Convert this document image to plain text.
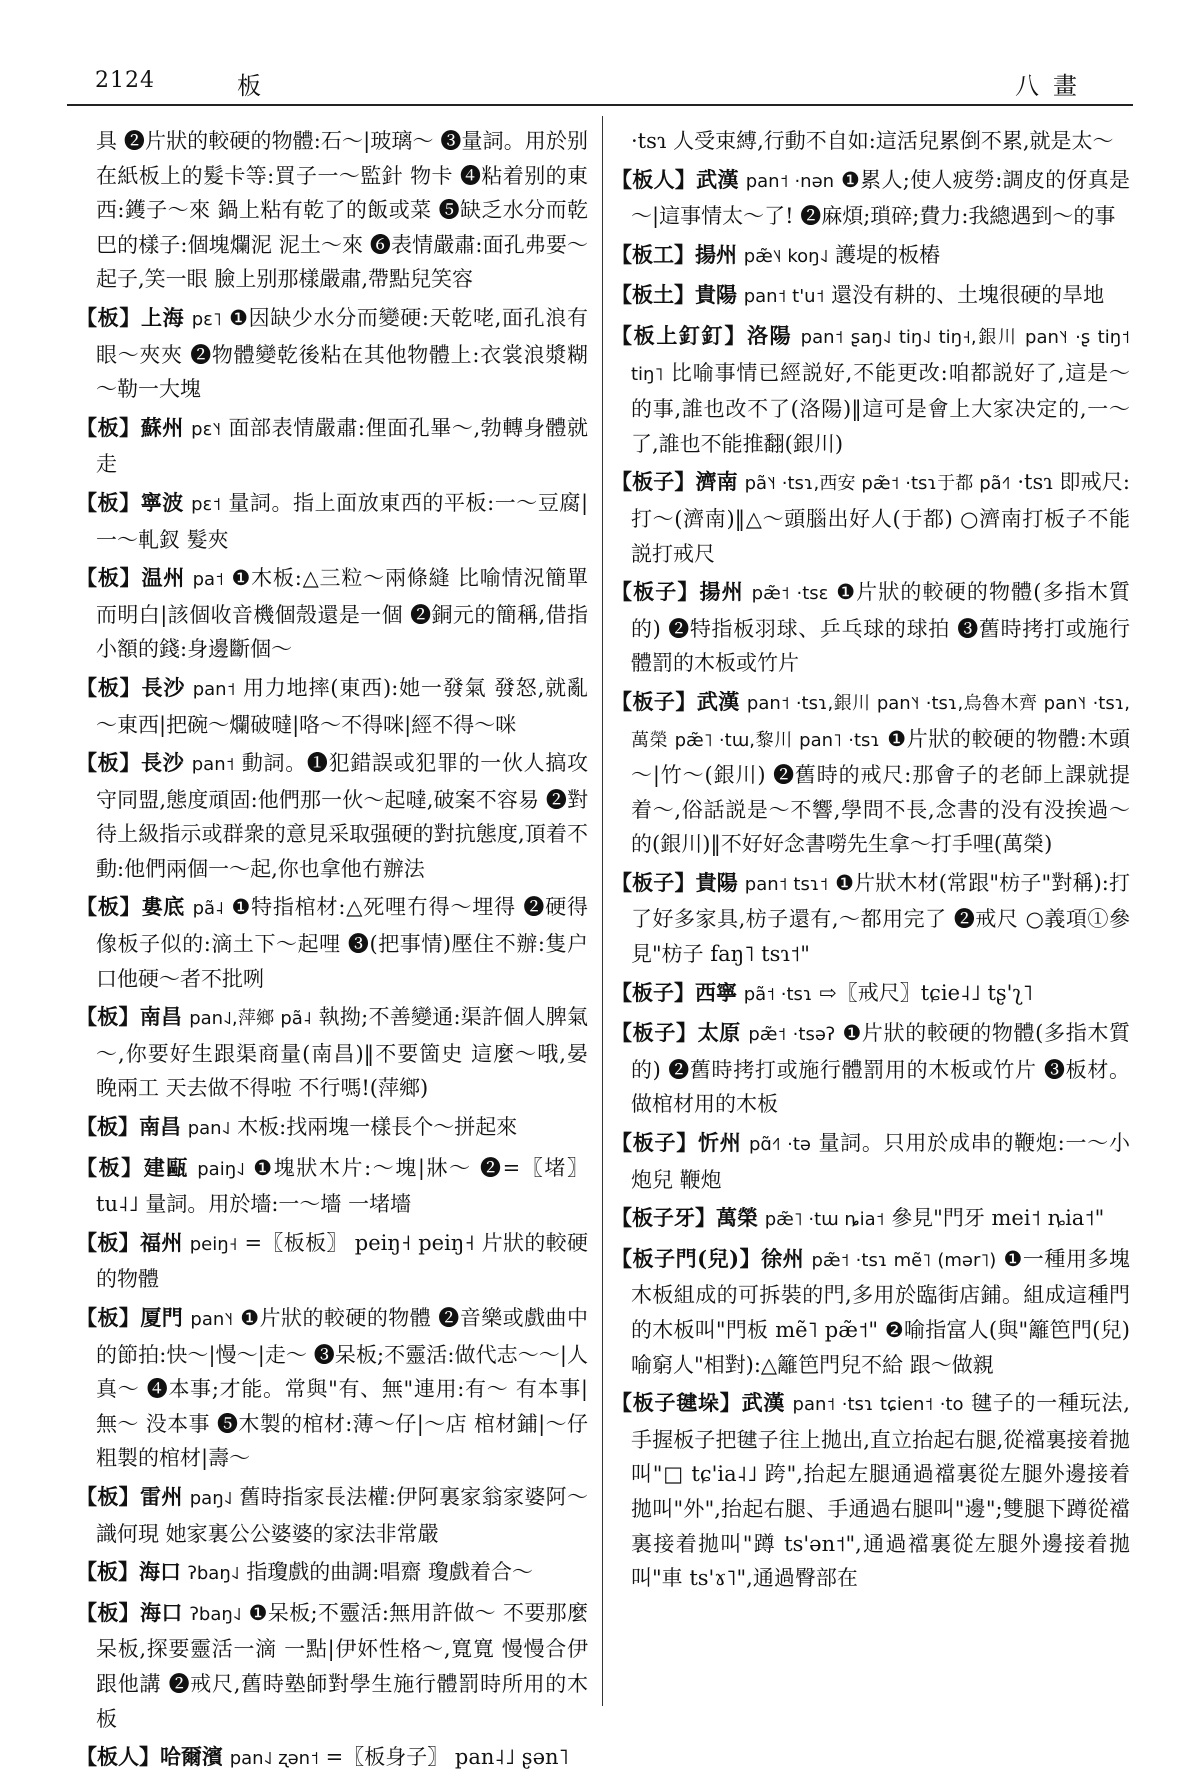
2124	板	八畫

具 ❷片狀的較硬的物體:石～|玻璃～ ❸量詞。用於别在紙板上的髮卡等:買子一～監針 物卡 ❹粘着别的東西:鑊子～來 鍋上粘有乾了的飯或菜 ❺缺乏水分而乾巴的樣子:個塊爛泥 泥土～來 ❻表情嚴肅:面孔弗要～起子,笑一眼 臉上别那樣嚴肅,帶點兒笑容

【板】上海 pɛ˥ ❶因缺少水分而變硬:天乾咾,面孔浪有眼～夾夾 ❷物體變乾後粘在其他物體上:衣裳浪漿糊～勒一大塊

【板】蘇州 pɛ˥˧ 面部表情嚴肅:俚面孔畢～,勃轉身體就走

【板】寧波 pɛ˦ 量詞。指上面放東西的平板:一～豆腐|一～軋釵 髮夾

【板】温州 pa˦ ❶木板:△三粒～兩條縫 比喻情況簡單而明白|該個收音機個殼還是一個 ❷銅元的簡稱,借指小額的錢:身邊斷個～

【板】長沙 pan˦ 用力地摔(東西):她一發氣 發怒,就亂～東西|把碗～爛破噠|咯～不得咪|經不得～咪

【板】長沙 pan˦ 動詞。❶犯錯誤或犯罪的一伙人搞攻守同盟,態度頑固:他們那一伙～起噠,破案不容易 ❷對待上級指示或群衆的意見采取强硬的對抗態度,頂着不動:他們兩個一～起,你也拿他冇辦法

【板】婁底 pã˨ ❶特指棺材:△死哩冇得～埋得 ❷硬得像板子似的:滴土下～起哩 ❸(把事情)壓住不辦:隻户口他硬～者不批咧

【板】南昌 pan˨˩,萍鄉 pã˨ 執拗;不善變通:渠許個人脾氣～,你要好生跟渠商量(南昌)‖不要箇史 這麼～哦,晏 晚兩工 天去做不得啦 不行嗎!(萍鄉)

【板】南昌 pan˨˩ 木板:找兩塊一樣長个～拼起來

【板】建甌 paiŋ˨˩ ❶塊狀木片:～塊|牀～ ❷=〖堵〗 tu˨˩ 量詞。用於墻:一～墻 一堵墻

【板】福州 peiŋ˧ =〖板板〗 peiŋ˧ peiŋ˧ 片狀的較硬的物體

【板】厦門 pan˥˧ ❶片狀的較硬的物體 ❷音樂或戲曲中的節拍:快～|慢～|走～ ❸呆板;不靈活:做代志～～|人真～ ❹本事;才能。常與"有、無"連用:有～ 有本事|無～ 没本事 ❺木製的棺材:薄～仔|～店 棺材鋪|～仔 粗製的棺材|壽～

【板】雷州 paŋ˨˩ 舊時指家長法權:伊阿裏家翁家婆阿～識何現 她家裏公公婆婆的家法非常嚴

【板】海口 ʔbaŋ˨˩ 指瓊戲的曲調:唱齋 瓊戲着合～

【板】海口 ʔbaŋ˨˩ ❶呆板;不靈活:無用許做～ 不要那麼呆板,探要靈活一滴 一點|伊妚性格～,寬寬 慢慢合伊 跟他講 ❷戒尺,舊時塾師對學生施行體罰時所用的木板

【板人】哈爾濱 pan˨˩ ʐən˦ =〖板身子〗 pan˨˩ ʂən˥

·tsɿ 人受束縛,行動不自如:這活兒累倒不累,就是太～

【板人】武漢 pan˦ ·nən ❶累人;使人疲勞:調皮的伢真是～|這事情太～了! ❷麻煩;瑣碎;費力:我總遇到～的事

【板工】揚州 pæ̃˥˨ koŋ˨˩ 護堤的板樁

【板土】貴陽 pan˦ t'u˦ 還没有耕的、土塊很硬的旱地

【板上釘釘】洛陽 pan˦ ʂaŋ˨˩ tiŋ˨˩ tiŋ˧,銀川 pan˥˧ ·ʂ tiŋ˦ tiŋ˥ 比喻事情已經説好,不能更改:咱都説好了,這是～的事,誰也改不了(洛陽)‖這可是會上大家决定的,一～了,誰也不能推翻(銀川)

【板子】濟南 pã˥˧ ·tsɿ,西安 pæ̃˦ ·tsɿ于都 pã˧˥ ·tsɿ 即戒尺:打～(濟南)‖△～頭腦出好人(于都) ○濟南打板子不能説打戒尺

【板子】揚州 pæ̃˦ ·tsɛ ❶片狀的較硬的物體(多指木質的) ❷特指板羽球、乒乓球的球拍 ❸舊時拷打或施行體罰的木板或竹片

【板子】武漢 pan˦ ·tsɿ,銀川 pan˥˧ ·tsɿ,烏魯木齊 pan˥˧ ·tsɿ,萬榮 pæ̃˥ ·tɯ,黎川 pan˥ ·tsɿ ❶片狀的較硬的物體:木頭～|竹～(銀川) ❷舊時的戒尺:那會子的老師上課就提着～,俗話説是～不響,學問不長,念書的没有没挨過～的(銀川)‖不好好念書嘮先生拿～打手哩(萬榮)

【板子】貴陽 pan˦ tsɿ˦ ❶片狀木材(常跟"枋子"對稱):打了好多家具,枋子還有,～都用完了 ❷戒尺 ○義項①參見"枋子 faŋ˥ tsɿ˦"

【板子】西寧 pã˦ ·tsɿ ⇨〖戒尺〗tɕie˨˩ tʂ'ʅ˥

【板子】太原 pæ̃˦ ·tsəʔ ❶片狀的較硬的物體(多指木質的) ❷舊時拷打或施行體罰用的木板或竹片 ❸板材。做棺材用的木板

【板子】忻州 pɑ̃˧˥ ·tə 量詞。只用於成串的鞭炮:一～小炮兒 鞭炮

【板子牙】萬榮 pæ̃˥ ·tɯ ȵia˦ 參見"門牙 mei˦ ȵia˦"

【板子門(兒)】徐州 pæ̃˦ ·tsɿ mẽ˥ (mər˥) ❶一種用多塊木板組成的可拆裝的門,多用於臨街店鋪。組成這種門的木板叫"門板 mẽ˥ pæ̃˦" ❷喻指富人(與"籬笆門(兒) 喻窮人"相對):△籬笆門兒不給 跟～做親

【板子毽垛】武漢 pan˦ ·tsɿ tɕien˦ ·to 毽子的一種玩法,手握板子把毽子往上拋出,直立抬起右腿,從襠裏接着拋叫"□ tɕ'ia˨˩ 跨",抬起左腿通過襠裏從左腿外邊接着拋叫"外",抬起右腿、手通過右腿叫"邊";雙腿下蹲從襠裏接着拋叫"蹲 ts'ən˦",通過襠裏從左腿外邊接着拋叫"車 ts'ɤ˥",通過臀部在
